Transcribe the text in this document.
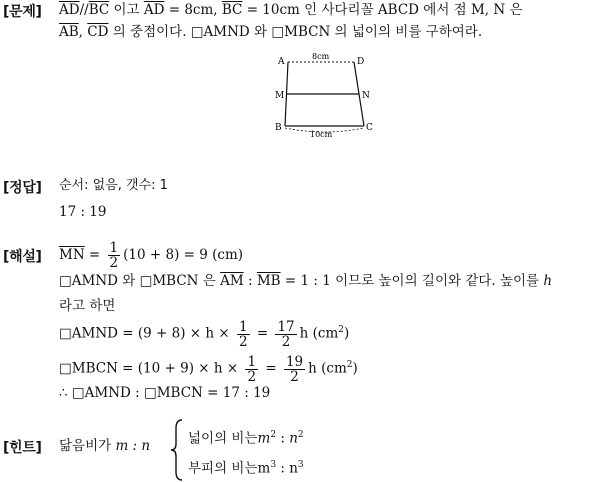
[문제] $\overline{AD}//\overline{BC}$ 이고 $\overline{AD} = 8cm$, $\overline{BC} = 10cm$ 인 사다리꼴 ABCD 에서 점 M, N 은
$\overline{AB}$, $\overline{CD}$ 의 중점이다. □AMND 와 □MBCN 의 넓이의 비를 구하여라.
A	D
M	N
B	C
8cm
10cm
[정답] 순서: 없음, 갯수: 1
17 : 19
[해설] $\overline{MN} = \frac{1}{2} (10 + 8) = 9$ (cm)
□AMND 와 □MBCN 은 $\overline{AM}$ : $\overline{MB} = 1$ : 1 이므로 높이의 길이와 같다. 높이를 h
라고 하면
□AMND = $(9 + 8) \times h \times \frac{1}{2} = \frac{17}{2}$ h $(cm^2)$
□MBCN = $(10 + 9) \times h \times \frac{1}{2} = \frac{19}{2}$ h $(cm^2)$
∴ □AMND : □MBCN = 17 : 19
[힌트] 닮음비가 m : n	넓이의 비는$m^2$ : $n^2$
부피의 비는$m^3$ : $n^3$
